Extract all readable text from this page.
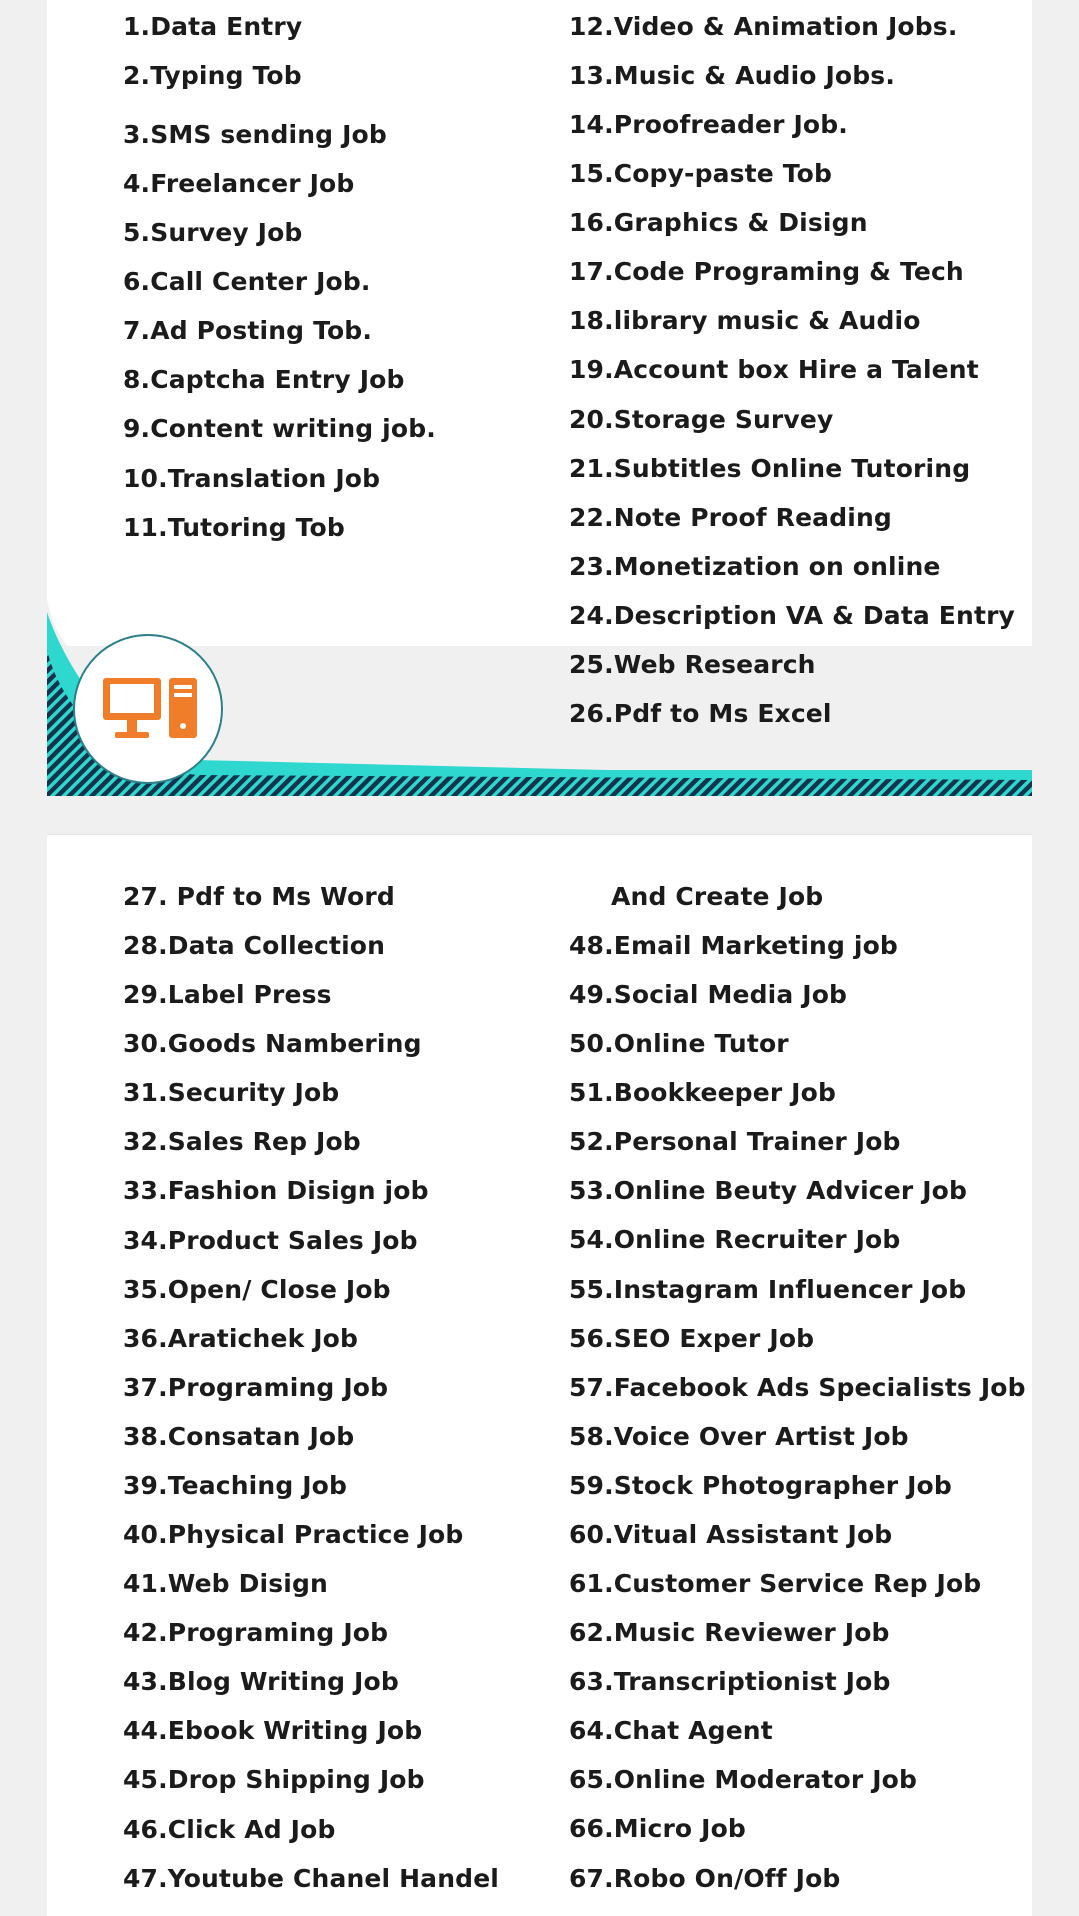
1.Data Entry
2.Typing Tob
3.SMS sending Job
4.Freelancer Job
5.Survey Job
6.Call Center Job.
7.Ad Posting Tob.
8.Captcha Entry Job
9.Content writing job.
10.Translation Job
11.Tutoring Tob
12.Video & Animation Jobs.
13.Music & Audio Jobs.
14.Proofreader Job.
15.Copy-paste Tob
16.Graphics & Disign
17.Code Programing & Tech
18.library music & Audio
19.Account box Hire a Talent
20.Storage Survey
21.Subtitles Online Tutoring
22.Note Proof Reading
23.Monetization on online
24.Description VA & Data Entry
25.Web Research
26.Pdf to Ms Excel
27. Pdf to Ms Word
28.Data Collection
29.Label Press
30.Goods Nambering
31.Security Job
32.Sales Rep Job
33.Fashion Disign job
34.Product Sales Job
35.Open/ Close Job
36.Aratichek Job
37.Programing Job
38.Consatan Job
39.Teaching Job
40.Physical Practice Job
41.Web Disign
42.Programing Job
43.Blog Writing Job
44.Ebook Writing Job
45.Drop Shipping Job
46.Click Ad Job
47.Youtube Chanel Handel
And Create Job
48.Email Marketing job
49.Social Media Job
50.Online Tutor
51.Bookkeeper Job
52.Personal Trainer Job
53.Online Beuty Advicer Job
54.Online Recruiter Job
55.Instagram Influencer Job
56.SEO Exper Job
57.Facebook Ads Specialists Job
58.Voice Over Artist Job
59.Stock Photographer Job
60.Vitual Assistant Job
61.Customer Service Rep Job
62.Music Reviewer Job
63.Transcriptionist Job
64.Chat Agent
65.Online Moderator Job
66.Micro Job
67.Robo On/Off Job
